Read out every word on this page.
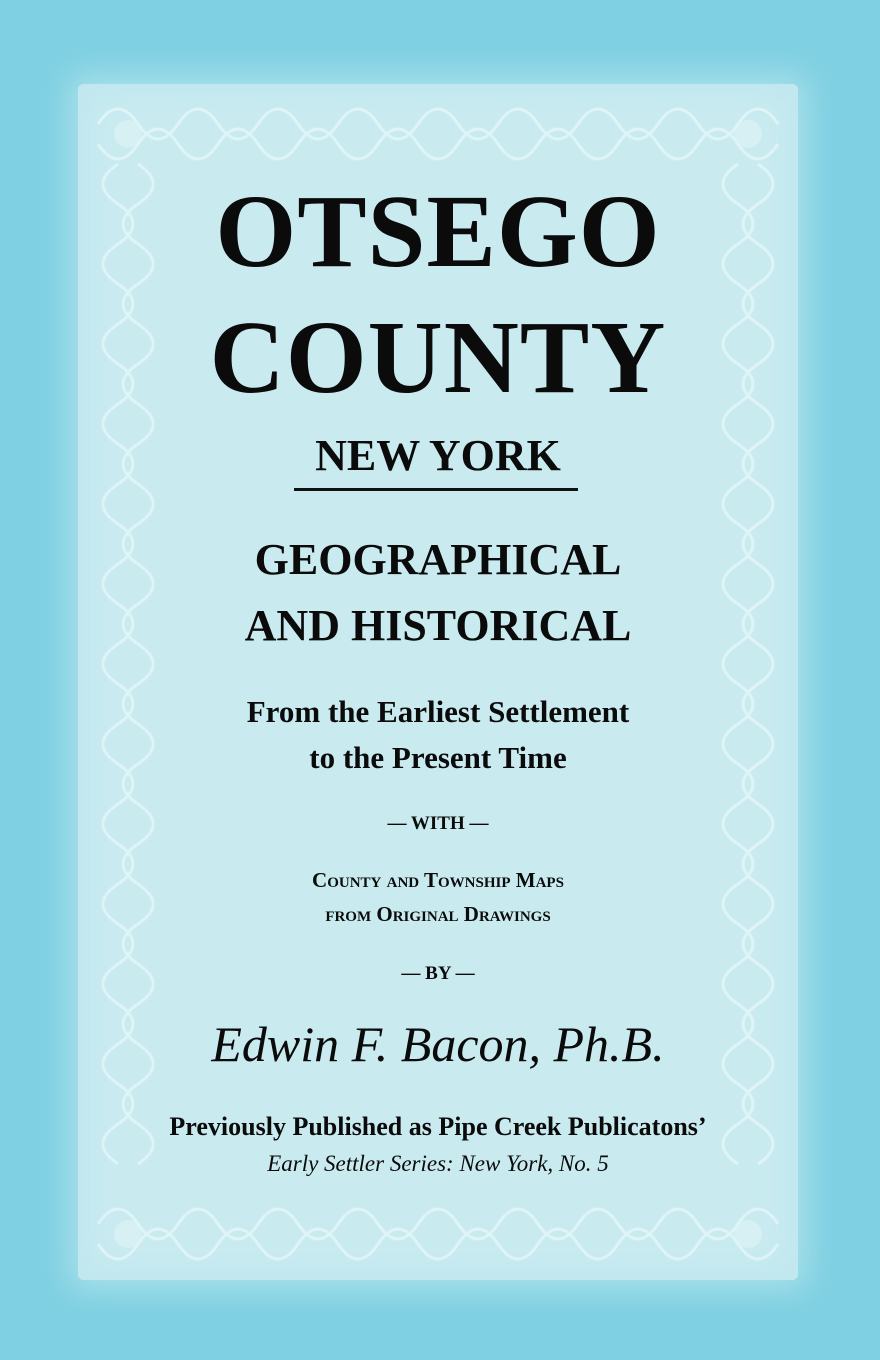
OTSEGO
COUNTY
NEW YORK
GEOGRAPHICAL
AND HISTORICAL
From the Earliest Settlement
to the Present Time
— WITH —
County and Township Maps
from Original Drawings
— BY —
Edwin F. Bacon, Ph.B.
Previously Published as Pipe Creek Publicatons’
Early Settler Series: New York, No. 5
